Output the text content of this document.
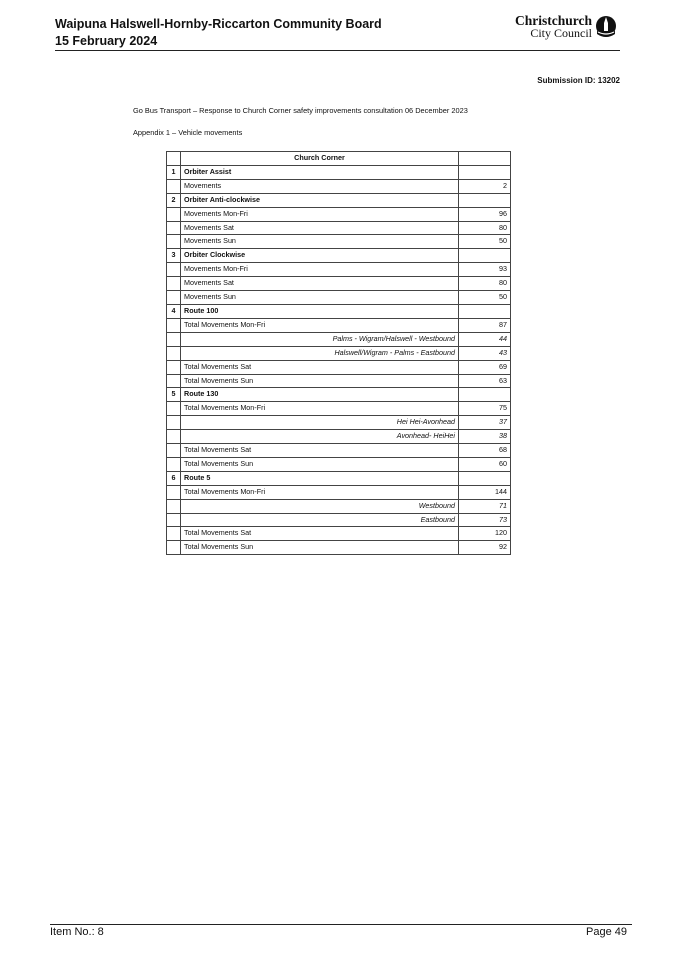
Waipuna Halswell-Hornby-Riccarton Community Board
15 February 2024
Christchurch
City Council
Submission ID: 13202
Go Bus Transport – Response to Church Corner safety improvements consultation 06 December 2023
Appendix 1 – Vehicle movements
	Church Corner	
1	Orbiter Assist	
	Movements	2
2	Orbiter Anti-clockwise	
	Movements Mon-Fri	96
	Movements Sat	80
	Movements Sun	50
3	Orbiter Clockwise	
	Movements Mon-Fri	93
	Movements Sat	80
	Movements Sun	50
4	Route 100	
	Total Movements Mon-Fri	87
	Palms - Wigram/Halswell - Westbound	44
	Halswell/Wigram - Palms - Eastbound	43
	Total Movements Sat	69
	Total Movements Sun	63
5	Route 130	
	Total Movements Mon-Fri	75
	Hei Hei-Avonhead	37
	Avonhead- HeiHei	38
	Total Movements Sat	68
	Total Movements Sun	60
6	Route 5	
	Total Movements Mon-Fri	144
	Westbound	71
	Eastbound	73
	Total Movements Sat	120
	Total Movements Sun	92
Item No.: 8	Page 49
